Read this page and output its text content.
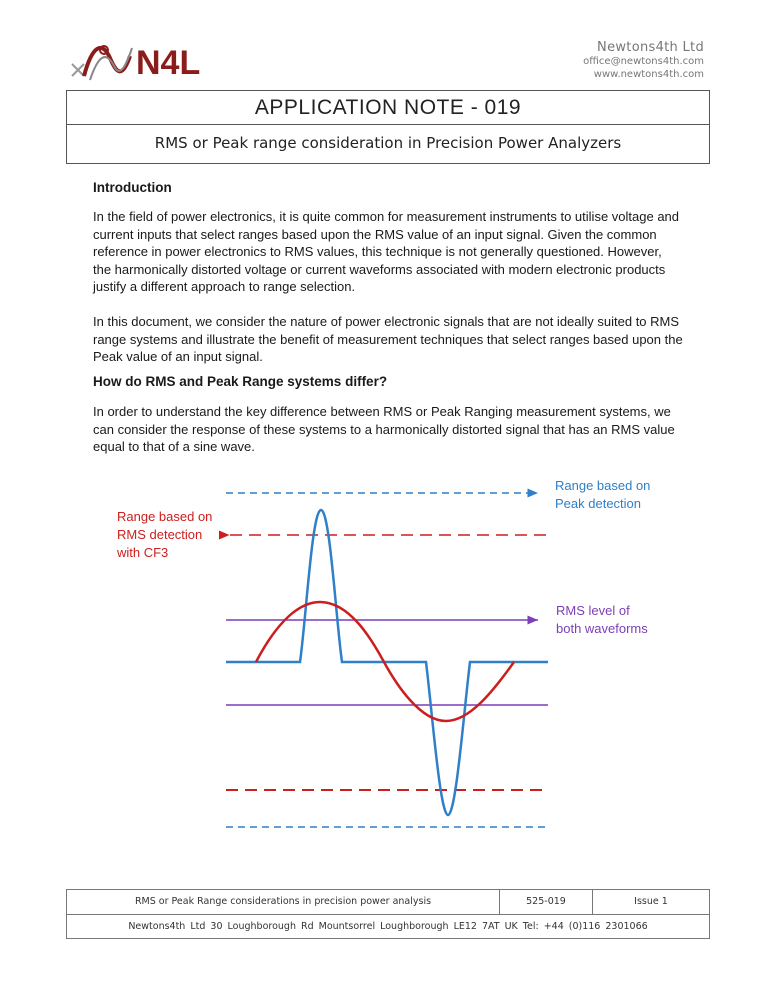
N4L	Newtons4th Ltd
office@newtons4th.com
www.newtons4th.com
APPLICATION NOTE - 019
RMS or Peak range consideration in Precision Power Analyzers
Introduction

In the field of power electronics, it is quite common for measurement instruments to utilise voltage and current inputs that select ranges based upon the RMS value of an input signal. Given the common reference in power electronics to RMS values, this technique is not generally questioned. However, the harmonically distorted voltage or current waveforms associated with modern electronic products justify a different approach to range selection.

In this document, we consider the nature of power electronic signals that are not ideally suited to RMS range systems and illustrate the benefit of measurement techniques that select ranges based upon the Peak value of an input signal.

How do RMS and Peak Range systems differ?

In order to understand the key difference between RMS or Peak Ranging measurement systems, we can consider the response of these systems to a harmonically distorted signal that has an RMS value equal to that of a sine wave.

Range based on
Peak detection
Range based on
RMS detection
with CF3
RMS level of
both waveforms
RMS or Peak Range considerations in precision power analysis	525-019	Issue 1
Newtons4th Ltd 30 Loughborough Rd Mountsorrel Loughborough LE12 7AT UK Tel: +44 (0)116 2301066
